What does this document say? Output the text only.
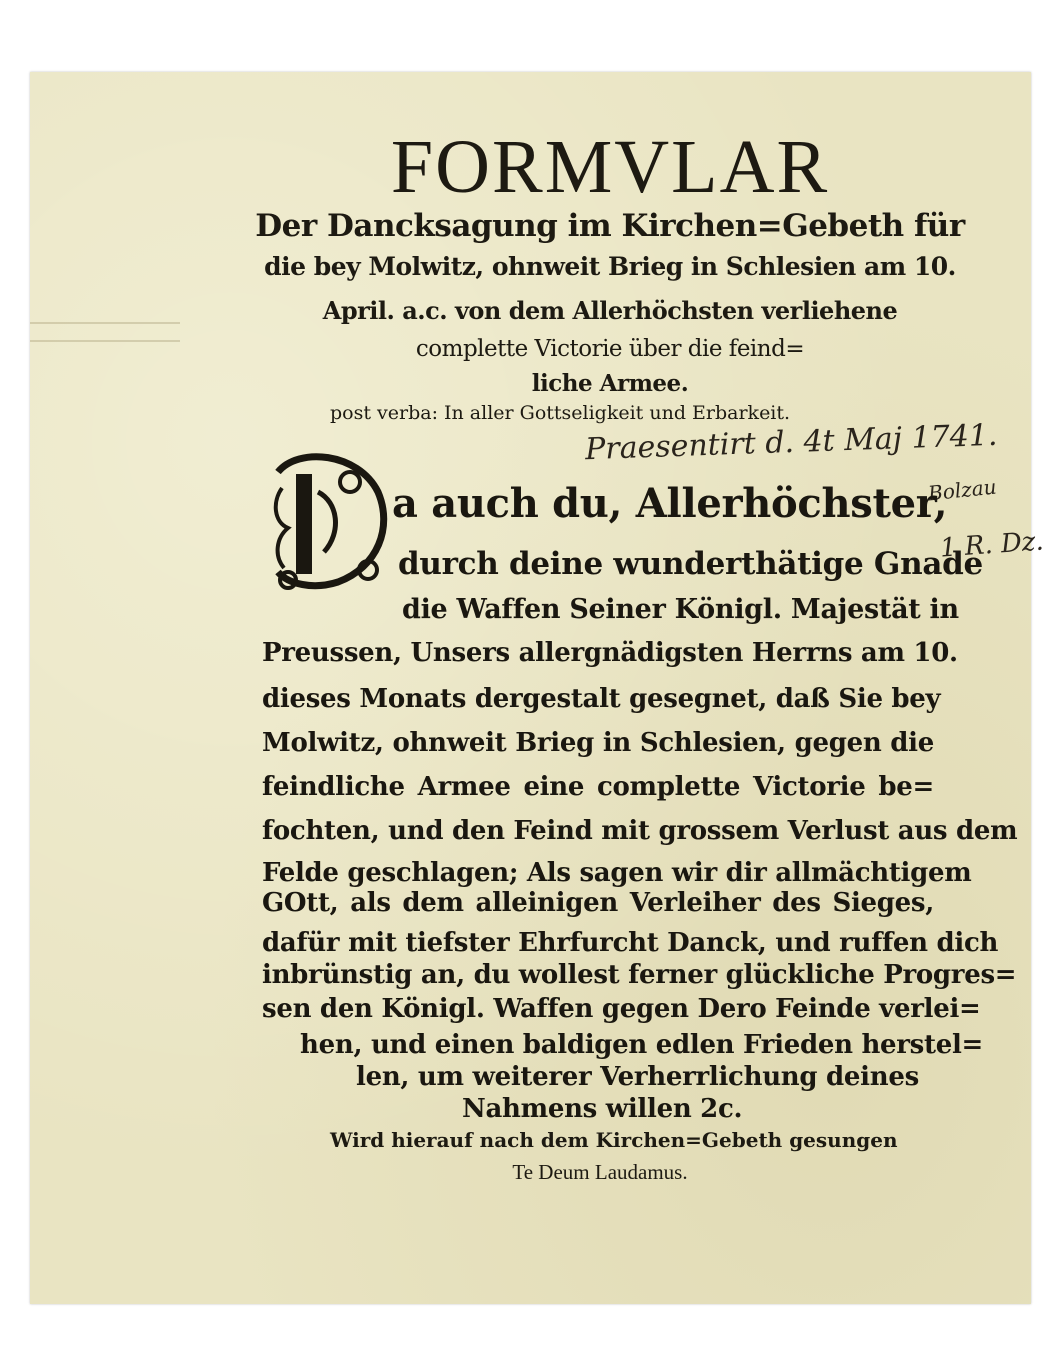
FORMVLAR

Der Dancksagung im Kirchen=Gebeth für

die bey Molwitz, ohnweit Brieg in Schlesien am 10.

April. a.c. von dem Allerhöchsten verliehene

complette Victorie über die feind=

liche Armee.

post verba: In aller Gottseligkeit und Erbarkeit.

Praesentirt d. 4t Maj 1741.

Bolzau

1 R. Dz.

a auch du, Allerhöchster,

durch deine wunderthätige Gnade

die Waffen Seiner Königl. Majestät in

Preussen, Unsers allergnädigsten Herrns am 10.

dieses Monats dergestalt gesegnet, daß Sie bey

Molwitz, ohnweit Brieg in Schlesien, gegen die

feindliche Armee eine complette Victorie be=

fochten, und den Feind mit grossem Verlust aus dem

Felde geschlagen; Als sagen wir dir allmächtigem

GOtt, als dem alleinigen Verleiher des Sieges,

dafür mit tiefster Ehrfurcht Danck, und ruffen dich

inbrünstig an, du wollest ferner glückliche Progres=

sen den Königl. Waffen gegen Dero Feinde verlei=

hen, und einen baldigen edlen Frieden herstel=

len, um weiterer Verherrlichung deines

Nahmens willen 2c.

Wird hierauf nach dem Kirchen=Gebeth gesungen

Te Deum Laudamus.
